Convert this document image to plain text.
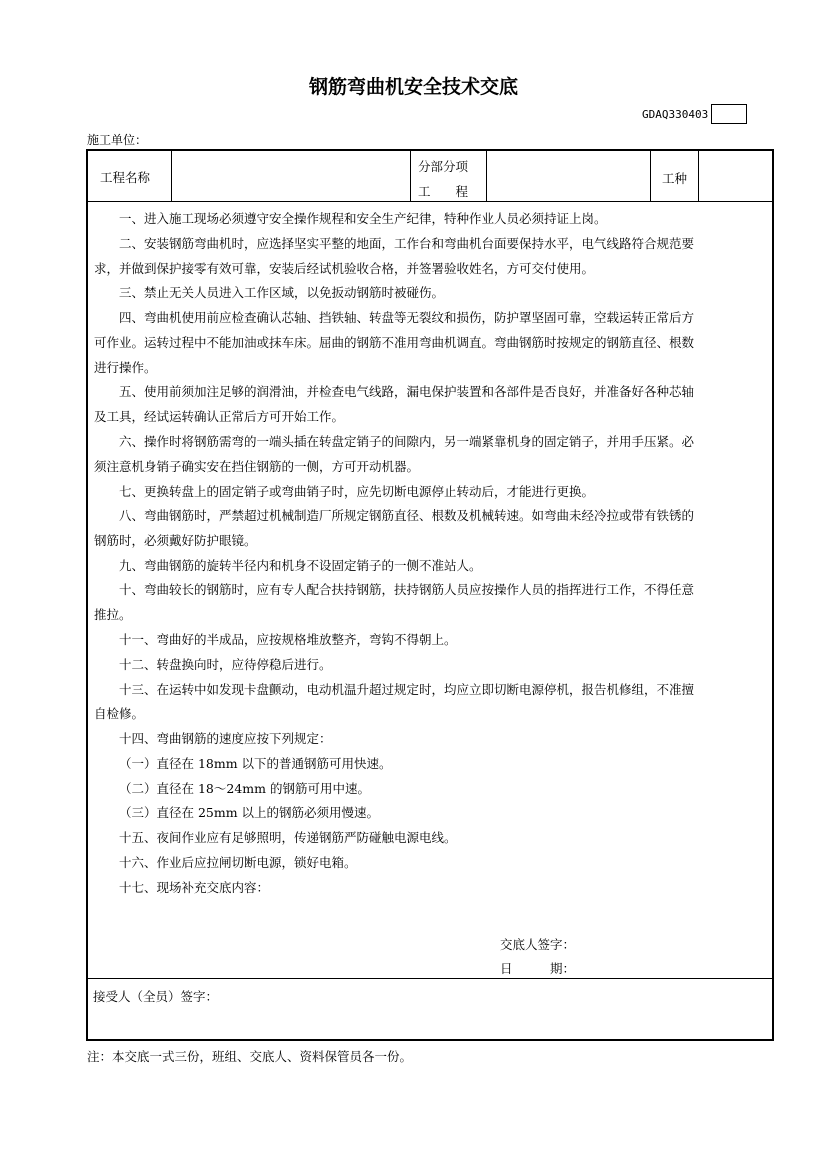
钢筋弯曲机安全技术交底
GDAQ330403
施工单位：
工程名称
分部分项
工　　程
工种
一、进入施工现场必须遵守安全操作规程和安全生产纪律，特种作业人员必须持证上岗。
二、安装钢筋弯曲机时，应选择坚实平整的地面，工作台和弯曲机台面要保持水平，电气线路符合规范要
求，并做到保护接零有效可靠，安装后经试机验收合格，并签署验收姓名，方可交付使用。
三、禁止无关人员进入工作区域，以免扳动钢筋时被碰伤。
四、弯曲机使用前应检查确认芯轴、挡铁轴、转盘等无裂纹和损伤，防护罩坚固可靠，空载运转正常后方
可作业。运转过程中不能加油或抹车床。屈曲的钢筋不准用弯曲机调直。弯曲钢筋时按规定的钢筋直径、根数
进行操作。
五、使用前须加注足够的润滑油，并检查电气线路，漏电保护装置和各部件是否良好，并准备好各种芯轴
及工具，经试运转确认正常后方可开始工作。
六、操作时将钢筋需弯的一端头插在转盘定销子的间隙内，另一端紧靠机身的固定销子，并用手压紧。必
须注意机身销子确实安在挡住钢筋的一侧，方可开动机器。
七、更换转盘上的固定销子或弯曲销子时，应先切断电源停止转动后，才能进行更换。
八、弯曲钢筋时，严禁超过机械制造厂所规定钢筋直径、根数及机械转速。如弯曲未经冷拉或带有铁锈的
钢筋时，必须戴好防护眼镜。
九、弯曲钢筋的旋转半径内和机身不设固定销子的一侧不准站人。
十、弯曲较长的钢筋时，应有专人配合扶持钢筋，扶持钢筋人员应按操作人员的指挥进行工作，不得任意
推拉。
十一、弯曲好的半成品，应按规格堆放整齐，弯钩不得朝上。
十二、转盘换向时，应待停稳后进行。
十三、在运转中如发现卡盘颤动，电动机温升超过规定时，均应立即切断电源停机，报告机修组，不准擅
自检修。
十四、弯曲钢筋的速度应按下列规定：
（一）直径在 18mm 以下的普通钢筋可用快速。
（二）直径在 18～24mm 的钢筋可用中速。
（三）直径在 25mm 以上的钢筋必须用慢速。
十五、夜间作业应有足够照明，传递钢筋严防碰触电源电线。
十六、作业后应拉闸切断电源，锁好电箱。
十七、现场补充交底内容：
交底人签字：
日　　　期：
接受人（全员）签字：
注：本交底一式三份，班组、交底人、资料保管员各一份。
